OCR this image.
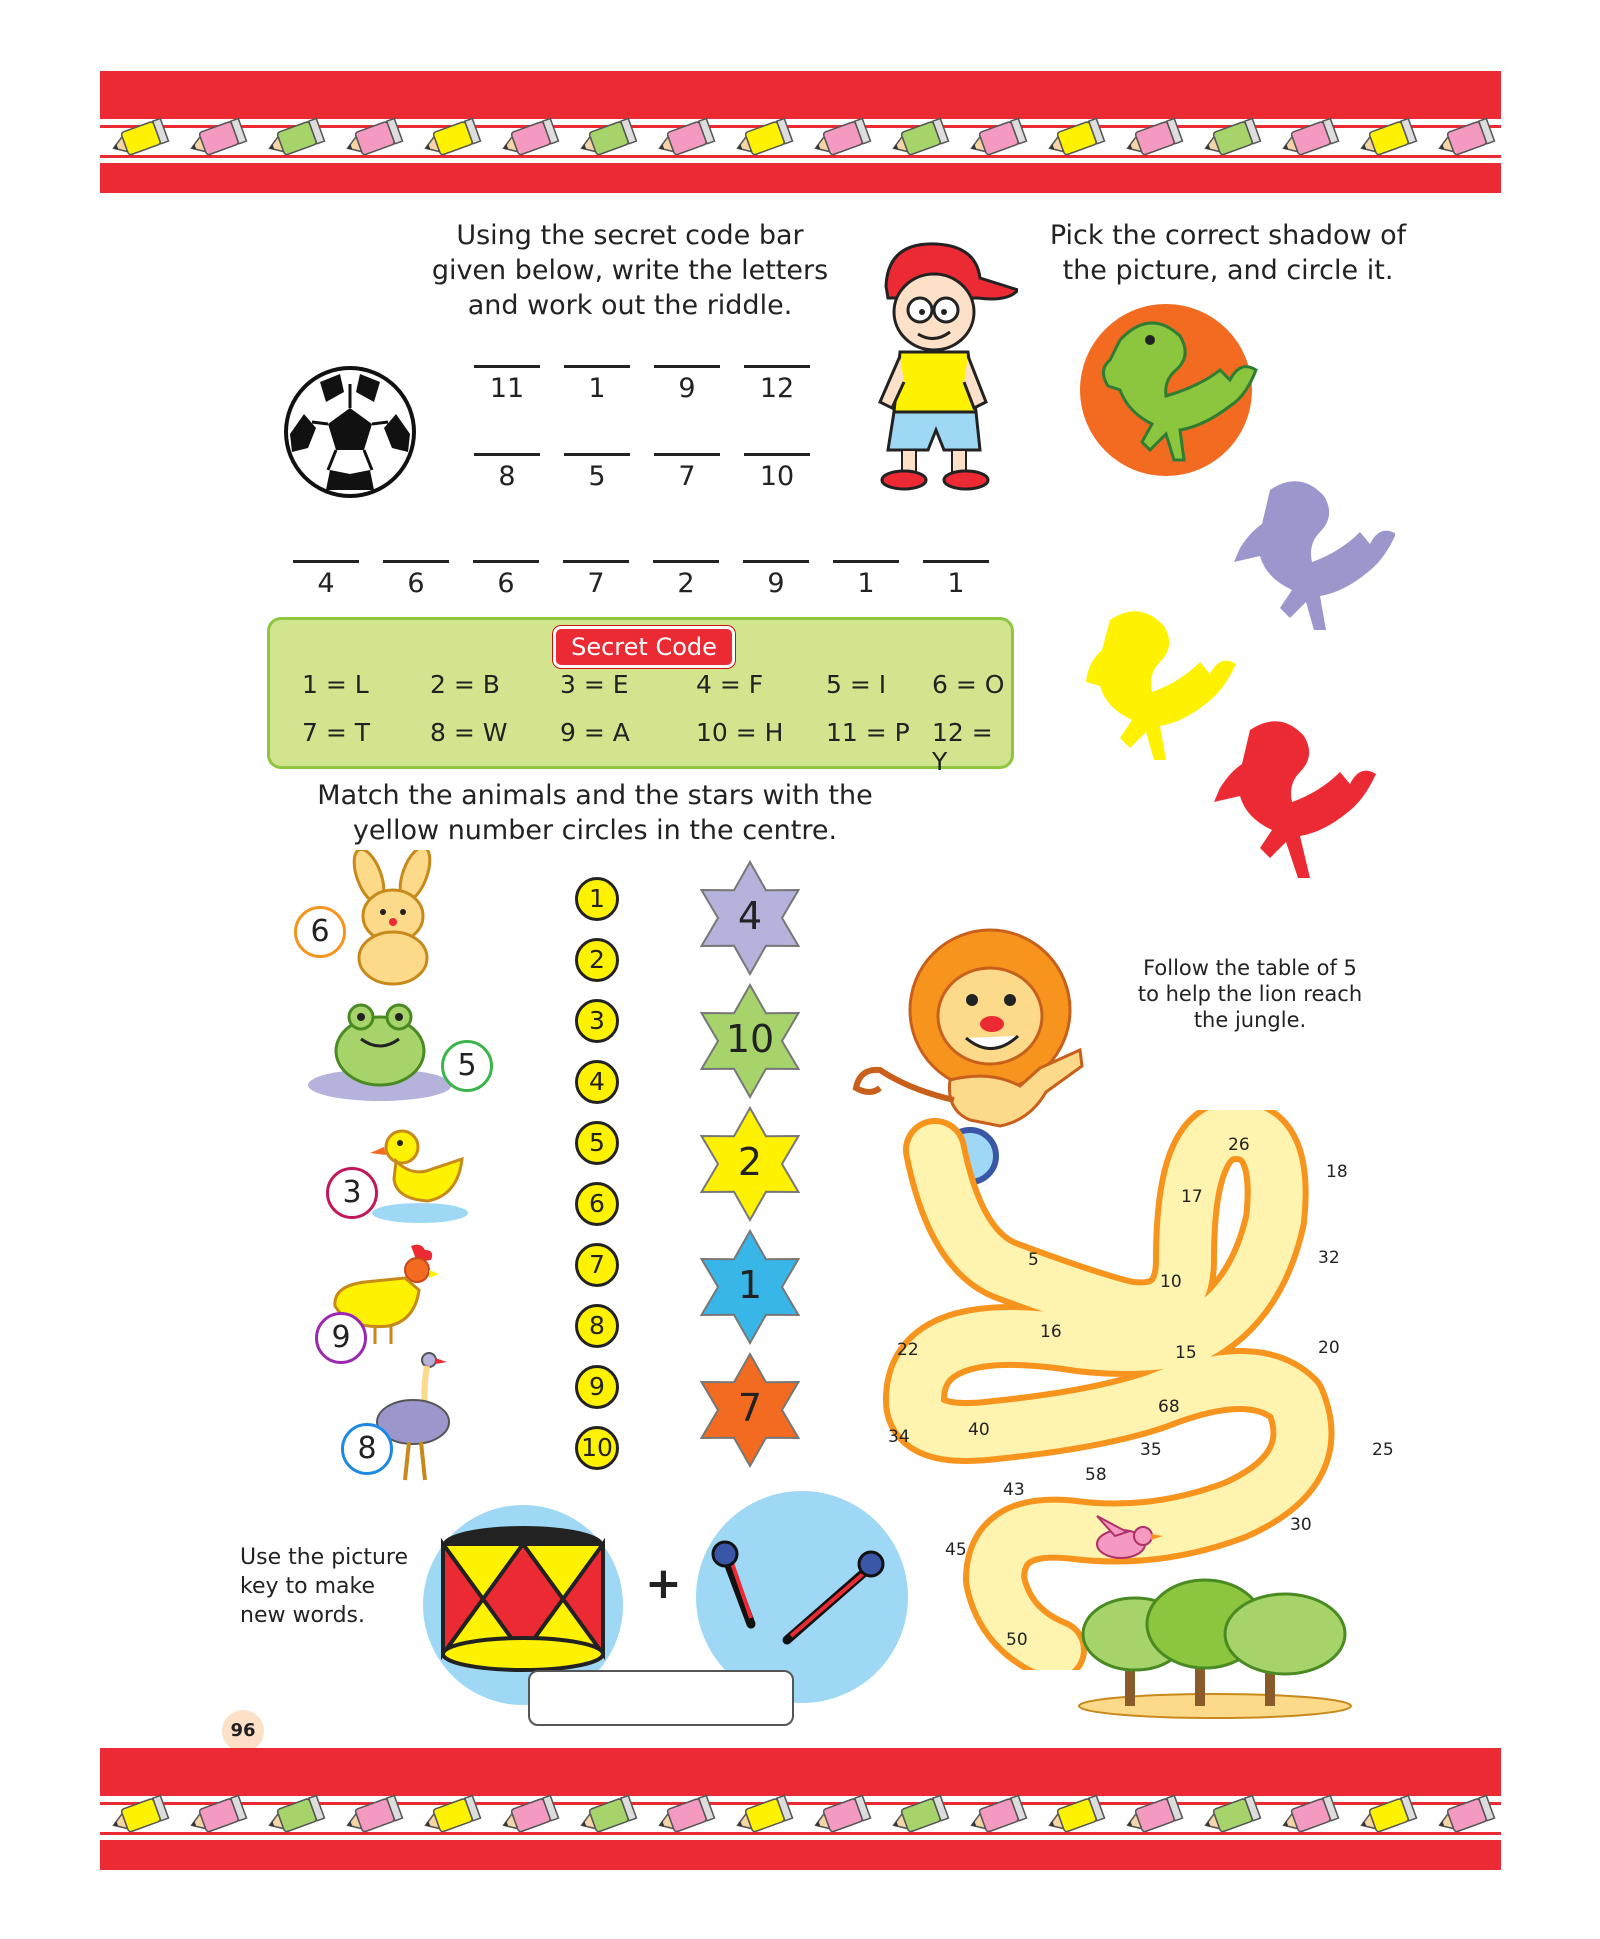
Using the secret code bar given below, write the letters and work out the riddle.
11	1	9	12
8	5	7	10
4	6	6	7	2	9	1	1
Pick the correct shadow of the picture, and circle it.
Secret Code
1 = L 2 = B 3 = E	4 = F	5 = I 6 = O
7 = T 8 = W 9 = A	10 = H 11 = P 12 = Y
Match the animals and the stars with the yellow number circles in the centre.
6
5
3
9
8
1
2
3
4
5
6
7
8
9
10
4
10
2
1
7
Follow the table of 5 to help the lion reach the jungle.
26
18
17
32
5
10
16
15	20
22
68
40
35	25
34
58
43
30
45
50
Use the picture key to make new words.
+
96
